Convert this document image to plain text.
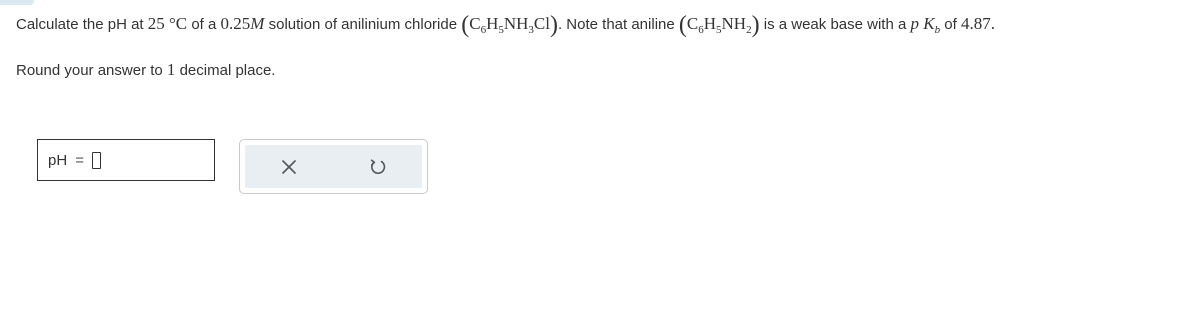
Calculate the pH at 25 °C of a 0.25M solution of anilinium chloride $(C_6H_5NH_3Cl)$. Note that aniline $(C_6H_5NH_2)$ is a weak base with a p $K_b$ of 4.87.
Round your answer to 1 decimal place.
pH =
